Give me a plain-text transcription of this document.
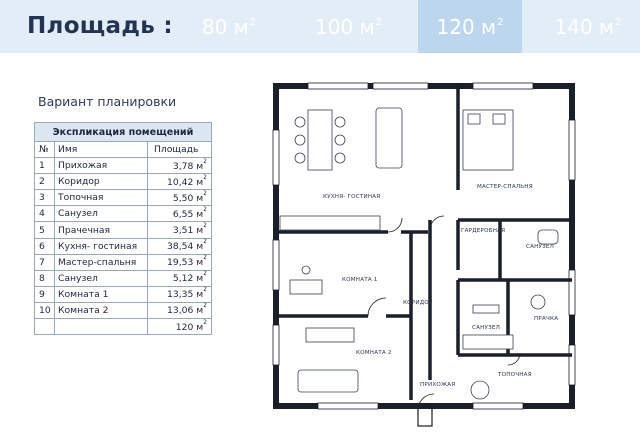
Площадь : 80 $м^2$	100 $м^2$	120 $м^2$	140 $м^2$
Вариант планировки
Экспликация помещений		
№	Имя	Площадь
1	Прихожая	3,78 $м^2$
2	Коридор	10,42 $м^2$
3	Топочная	5,50 $м^2$
4	Санузел	6,55 $м^2$
5	Прачечная	3,51 $м^2$
6	Кухня- гостиная	38,54 $м^2$
7	Мастер-спальня	19,53 $м^2$
8	Санузел	5,12 $м^2$
9	Комната 1	13,35 $м^2$
10	Комната 2	13,06 $м^2$
		120 $м^2$
КУХНЯ- ГОСТИНАЯ
МАСТЕР-СПАЛЬНЯ
ГАРДЕРОБНАЯ
САНУЗЕЛ
КОМНАТА 1
КОРИДОР
САНУЗЕЛ
ПРАЧКА
КОМНАТА 2
ПРИХОЖАЯ
ТОПОЧНАЯ
